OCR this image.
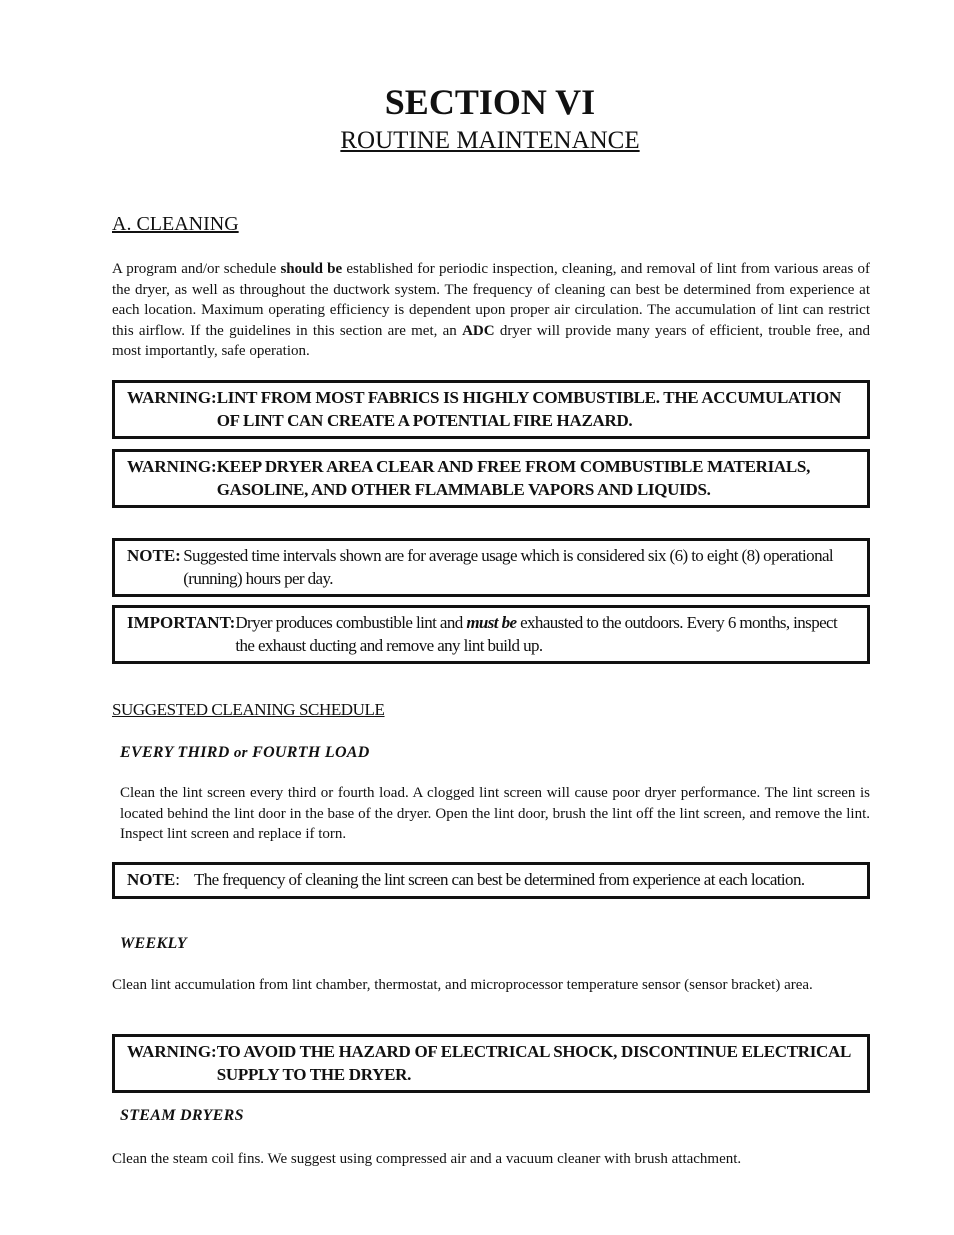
SECTION VI
ROUTINE MAINTENANCE
A. CLEANING
A program and/or schedule should be established for periodic inspection, cleaning, and removal of lint from various areas of the dryer, as well as throughout the ductwork system. The frequency of cleaning can best be determined from experience at each location. Maximum operating efficiency is dependent upon proper air circulation. The accumulation of lint can restrict this airflow. If the guidelines in this section are met, an ADC dryer will provide many years of efficient, trouble free, and most importantly, safe operation.
WARNING: LINT FROM MOST FABRICS IS HIGHLY COMBUSTIBLE. THE ACCUMULATION OF LINT CAN CREATE A POTENTIAL FIRE HAZARD.
WARNING: KEEP DRYER AREA CLEAR AND FREE FROM COMBUSTIBLE MATERIALS, GASOLINE, AND OTHER FLAMMABLE VAPORS AND LIQUIDS.
NOTE: Suggested time intervals shown are for average usage which is considered six (6) to eight (8) operational (running) hours per day.
IMPORTANT: Dryer produces combustible lint and must be exhausted to the outdoors. Every 6 months, inspect the exhaust ducting and remove any lint build up.
SUGGESTED CLEANING SCHEDULE
EVERY THIRD or FOURTH LOAD
Clean the lint screen every third or fourth load. A clogged lint screen will cause poor dryer performance. The lint screen is located behind the lint door in the base of the dryer. Open the lint door, brush the lint off the lint screen, and remove the lint. Inspect lint screen and replace if torn.
NOTE: The frequency of cleaning the lint screen can best be determined from experience at each location.
WEEKLY
Clean lint accumulation from lint chamber, thermostat, and microprocessor temperature sensor (sensor bracket) area.
WARNING: TO AVOID THE HAZARD OF ELECTRICAL SHOCK, DISCONTINUE ELECTRICAL SUPPLY TO THE DRYER.
STEAM DRYERS
Clean the steam coil fins. We suggest using compressed air and a vacuum cleaner with brush attachment.
